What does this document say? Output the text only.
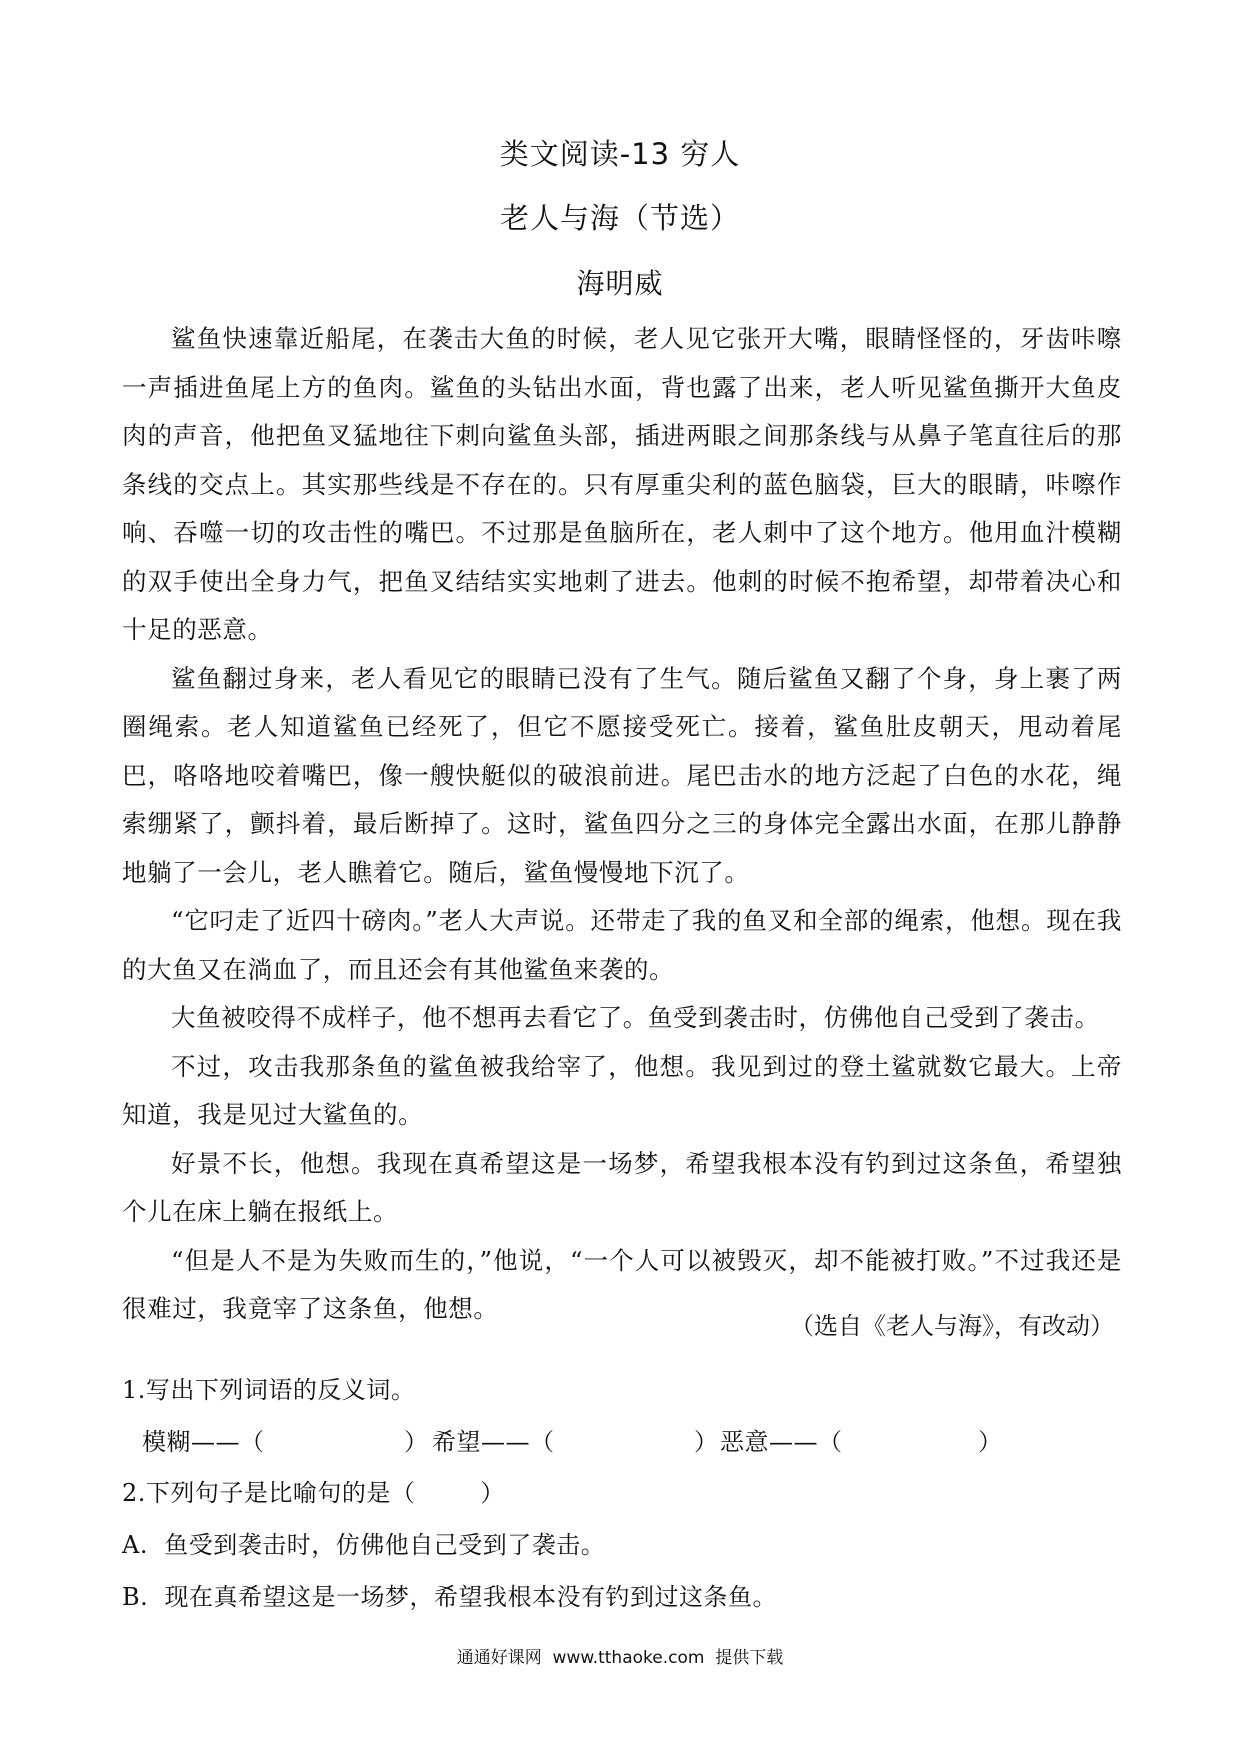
类文阅读-13 穷人
老人与海（节选）
海明威

鲨鱼快速靠近船尾，在袭击大鱼的时候，老人见它张开大嘴，眼睛怪怪的，牙齿咔嚓一声插进鱼尾上方的鱼肉。鲨鱼的头钻出水面，背也露了出来，老人听见鲨鱼撕开大鱼皮肉的声音，他把鱼叉猛地往下刺向鲨鱼头部，插进两眼之间那条线与从鼻子笔直往后的那条线的交点上。其实那些线是不存在的。只有厚重尖利的蓝色脑袋，巨大的眼睛，咔嚓作响、吞噬一切的攻击性的嘴巴。不过那是鱼脑所在，老人刺中了这个地方。他用血汁模糊的双手使出全身力气，把鱼叉结结实实地刺了进去。他刺的时候不抱希望，却带着决心和十足的恶意。

鲨鱼翻过身来，老人看见它的眼睛已没有了生气。随后鲨鱼又翻了个身，身上裹了两圈绳索。老人知道鲨鱼已经死了，但它不愿接受死亡。接着，鲨鱼肚皮朝天，甩动着尾巴，咯咯地咬着嘴巴，像一艘快艇似的破浪前进。尾巴击水的地方泛起了白色的水花，绳索绷紧了，颤抖着，最后断掉了。这时，鲨鱼四分之三的身体完全露出水面，在那儿静静地躺了一会儿，老人瞧着它。随后，鲨鱼慢慢地下沉了。

“它叼走了近四十磅肉。”老人大声说。还带走了我的鱼叉和全部的绳索，他想。现在我的大鱼又在淌血了，而且还会有其他鲨鱼来袭的。

大鱼被咬得不成样子，他不想再去看它了。鱼受到袭击时，仿佛他自己受到了袭击。

不过，攻击我那条鱼的鲨鱼被我给宰了，他想。我见到过的登土鲨就数它最大。上帝知道，我是见过大鲨鱼的。

好景不长，他想。我现在真希望这是一场梦，希望我根本没有钓到过这条鱼，希望独个儿在床上躺在报纸上。

“但是人不是为失败而生的，”他说，“一个人可以被毁灭，却不能被打败。”不过我还是很难过，我竟宰了这条鱼，他想。

（选自《老人与海》，有改动）
1.写出下列词语的反义词。
模糊——（	） 希望——（	） 恶意——（	）
2.下列句子是比喻句的是（        ）
A.  鱼受到袭击时，仿佛他自己受到了袭击。
B.  现在真希望这是一场梦，希望我根本没有钓到过这条鱼。
通通好课网  www.tthaoke.com  提供下载
